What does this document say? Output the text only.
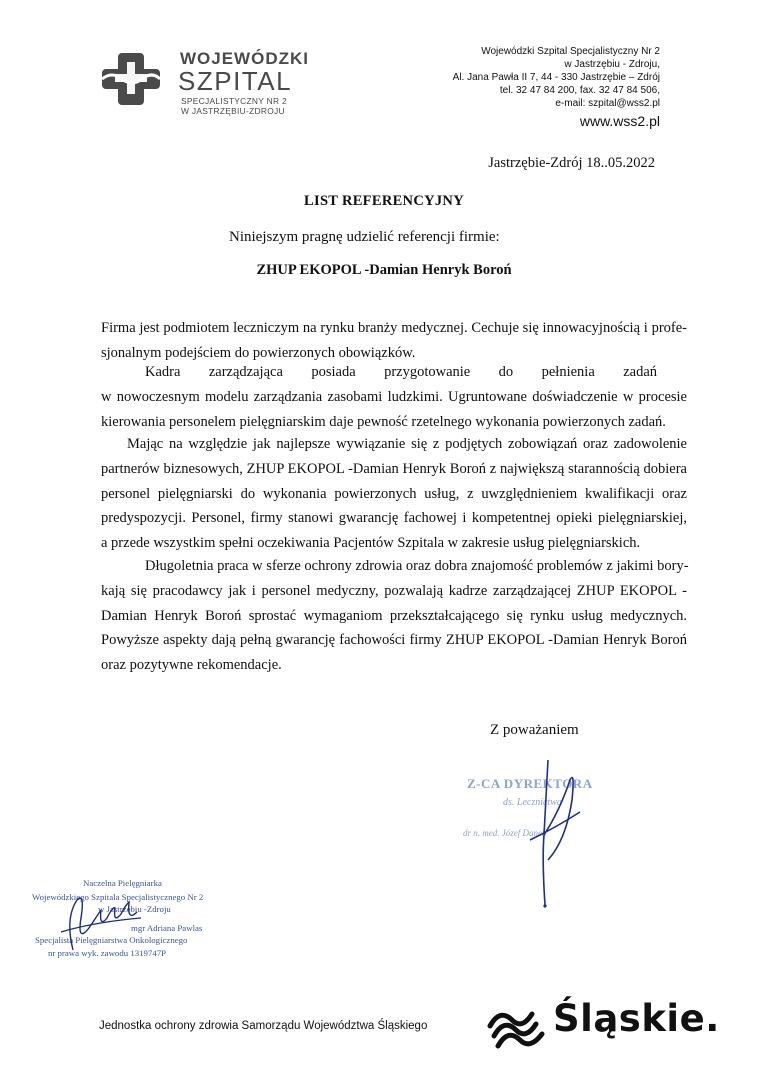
WOJEWÓDZKI
SZPITAL
SPECJALISTYCZNY NR 2
W JASTRZĘBIU-ZDROJU
Wojewódzki Szpital Specjalistyczny Nr 2
w Jastrzębiu - Zdroju,
Al. Jana Pawła II 7, 44 - 330 Jastrzębie – Zdrój
tel. 32 47 84 200, fax. 32 47 84 506,
e-mail: szpital@wss2.pl
www.wss2.pl
Jastrzębie-Zdrój 18..05.2022
LIST REFERENCYJNY
Niniejszym pragnę udzielić referencji firmie:
ZHUP EKOPOL -Damian Henryk Boroń
Firma jest podmiotem leczniczym na rynku branży medycznej. Cechuje się innowacyjnością i profe-
sjonalnym podejściem do powierzonych obowiązków.
Kadra zarządzająca posiada przygotowanie do pełnienia zadań
w nowoczesnym modelu zarządzania zasobami ludzkimi. Ugruntowane doświadczenie w procesie
kierowania personelem pielęgniarskim daje pewność rzetelnego wykonania powierzonych zadań.
Mając na względzie jak najlepsze wywiązanie się z podjętych zobowiązań oraz zadowolenie
partnerów biznesowych, ZHUP EKOPOL -Damian Henryk Boroń z największą starannością dobiera
personel pielęgniarski do wykonania powierzonych usług, z uwzględnieniem kwalifikacji oraz
predyspozycji. Personel, firmy stanowi gwarancję fachowej i kompetentnej opieki pielęgniarskiej,
a przede wszystkim spełni oczekiwania Pacjentów Szpitala w zakresie usług pielęgniarskich.
Długoletnia praca w sferze ochrony zdrowia oraz dobra znajomość problemów z jakimi bory-
kają się pracodawcy jak i personel medyczny, pozwalają kadrze zarządzającej ZHUP EKOPOL -
Damian Henryk Boroń sprostać wymaganiom przekształcającego się rynku usług medycznych.
Powyższe aspekty dają pełną gwarancję fachowości firmy ZHUP EKOPOL -Damian Henryk Boroń
oraz pozytywne rekomendacje.
Z poważaniem
Z-CA DYREKTORA
ds. Lecznictwa
dr n. med. Józef Danek
Naczelna Pielęgniarka
Wojewódzkiego Szpitala Specjalistycznego Nr 2
w Jastrzębiu -Zdroju
mgr Adriana Pawlas
Specjalista Pielęgniarstwa Onkologicznego
nr prawa wyk. zawodu 1319747P
Jednostka ochrony zdrowia Samorządu Województwa Śląskiego	Śląskie.
